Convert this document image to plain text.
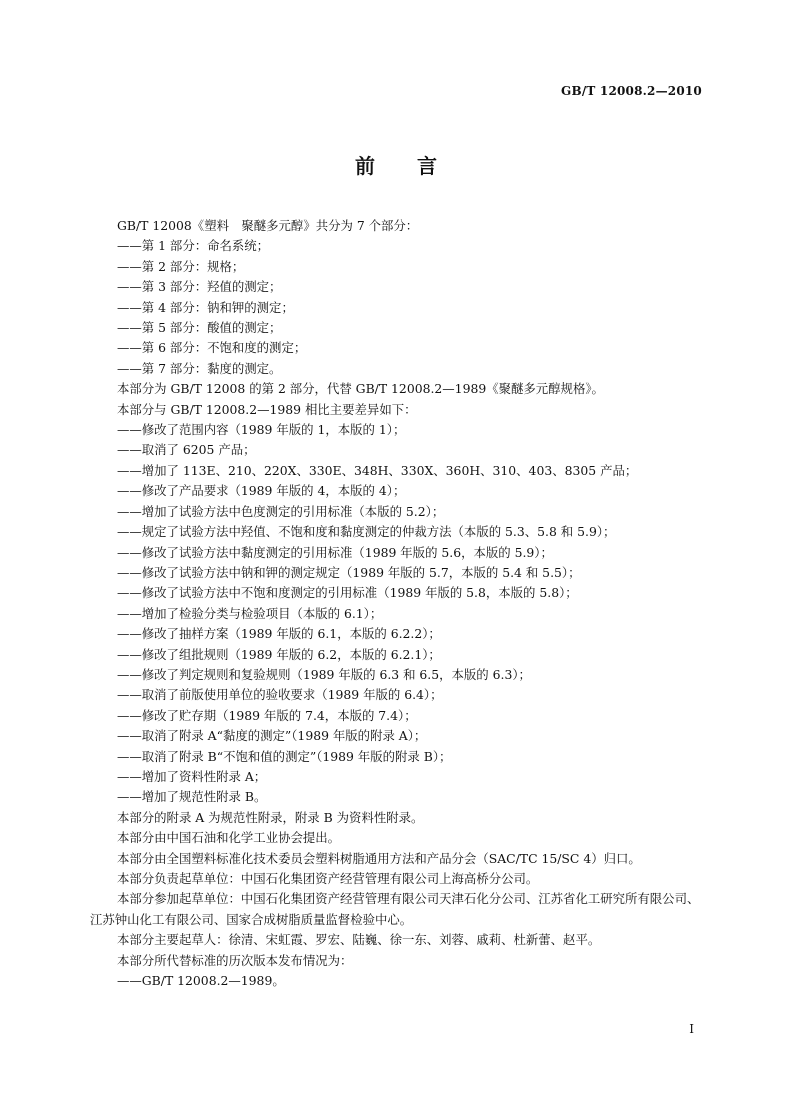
GB/T 12008.2—2010
前言
GB/T 12008《塑料　聚醚多元醇》共分为 7 个部分：
——第 1 部分：命名系统；
——第 2 部分：规格；
——第 3 部分：羟值的测定；
——第 4 部分：钠和钾的测定；
——第 5 部分：酸值的测定；
——第 6 部分：不饱和度的测定；
——第 7 部分：黏度的测定。
本部分为 GB/T 12008 的第 2 部分，代替 GB/T 12008.2—1989《聚醚多元醇规格》。
本部分与 GB/T 12008.2—1989 相比主要差异如下：
——修改了范围内容（1989 年版的 1，本版的 1）；
——取消了 6205 产品；
——增加了 113E、210、220X、330E、348H、330X、360H、310、403、8305 产品；
——修改了产品要求（1989 年版的 4，本版的 4）；
——增加了试验方法中色度测定的引用标准（本版的 5.2）；
——规定了试验方法中羟值、不饱和度和黏度测定的仲裁方法（本版的 5.3、5.8 和 5.9）；
——修改了试验方法中黏度测定的引用标准（1989 年版的 5.6，本版的 5.9）；
——修改了试验方法中钠和钾的测定规定（1989 年版的 5.7，本版的 5.4 和 5.5）；
——修改了试验方法中不饱和度测定的引用标准（1989 年版的 5.8，本版的 5.8）；
——增加了检验分类与检验项目（本版的 6.1）；
——修改了抽样方案（1989 年版的 6.1，本版的 6.2.2）；
——修改了组批规则（1989 年版的 6.2，本版的 6.2.1）；
——修改了判定规则和复验规则（1989 年版的 6.3 和 6.5，本版的 6.3）；
——取消了前版使用单位的验收要求（1989 年版的 6.4）；
——修改了贮存期（1989 年版的 7.4，本版的 7.4）；
——取消了附录 A“黏度的测定”（1989 年版的附录 A）；
——取消了附录 B“不饱和值的测定”（1989 年版的附录 B）；
——增加了资料性附录 A；
——增加了规范性附录 B。
本部分的附录 A 为规范性附录，附录 B 为资料性附录。
本部分由中国石油和化学工业协会提出。
本部分由全国塑料标准化技术委员会塑料树脂通用方法和产品分会（SAC/TC 15/SC 4）归口。
本部分负责起草单位：中国石化集团资产经营管理有限公司上海高桥分公司。
本部分参加起草单位：中国石化集团资产经营管理有限公司天津石化分公司、江苏省化工研究所有限公司、江苏钟山化工有限公司、国家合成树脂质量监督检验中心。
本部分主要起草人：徐清、宋虹霞、罗宏、陆巍、徐一东、刘蓉、戚莉、杜新蕾、赵平。
本部分所代替标准的历次版本发布情况为：
——GB/T 12008.2—1989。
I
